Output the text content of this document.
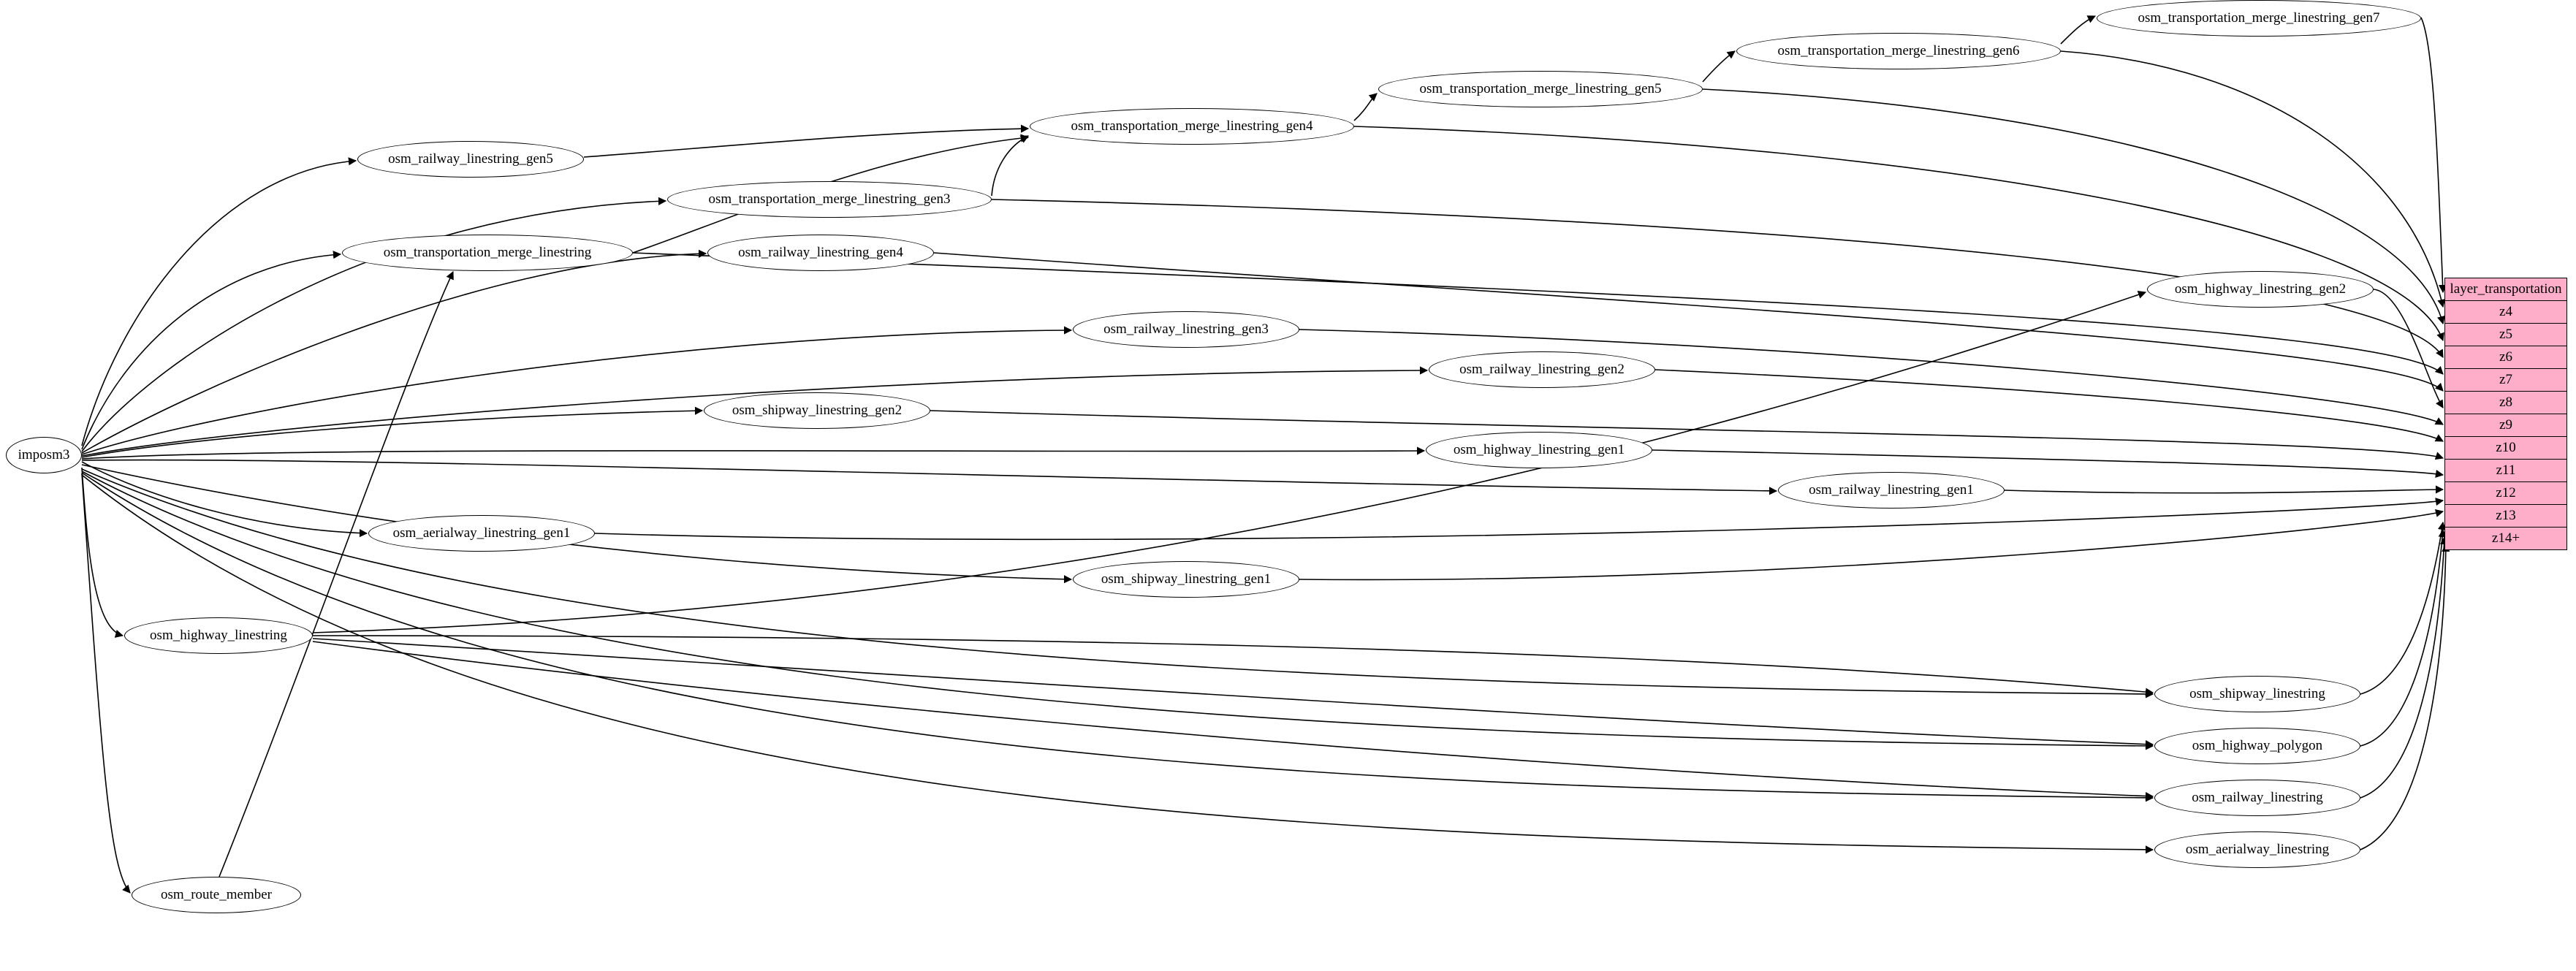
imposm3
osm_transportation_merge_linestring_gen7
osm_transportation_merge_linestring_gen6
osm_transportation_merge_linestring_gen5
osm_railway_linestring_gen5
osm_transportation_merge_linestring_gen4
osm_transportation_merge_linestring_gen3
osm_transportation_merge_linestring	osm_railway_linestring_gen4
osm_highway_linestring_gen2
osm_railway_linestring_gen3
osm_railway_linestring_gen2
osm_shipway_linestring_gen2
osm_highway_linestring_gen1
osm_railway_linestring_gen1
osm_aerialway_linestring_gen1
osm_shipway_linestring_gen1
osm_highway_linestring
osm_shipway_linestring
osm_highway_polygon
osm_railway_linestring
osm_aerialway_linestring
osm_route_member
layer_transportation
z4
z5
z6
z7
z8
z9
z10
z11
z12
z13
z14+
